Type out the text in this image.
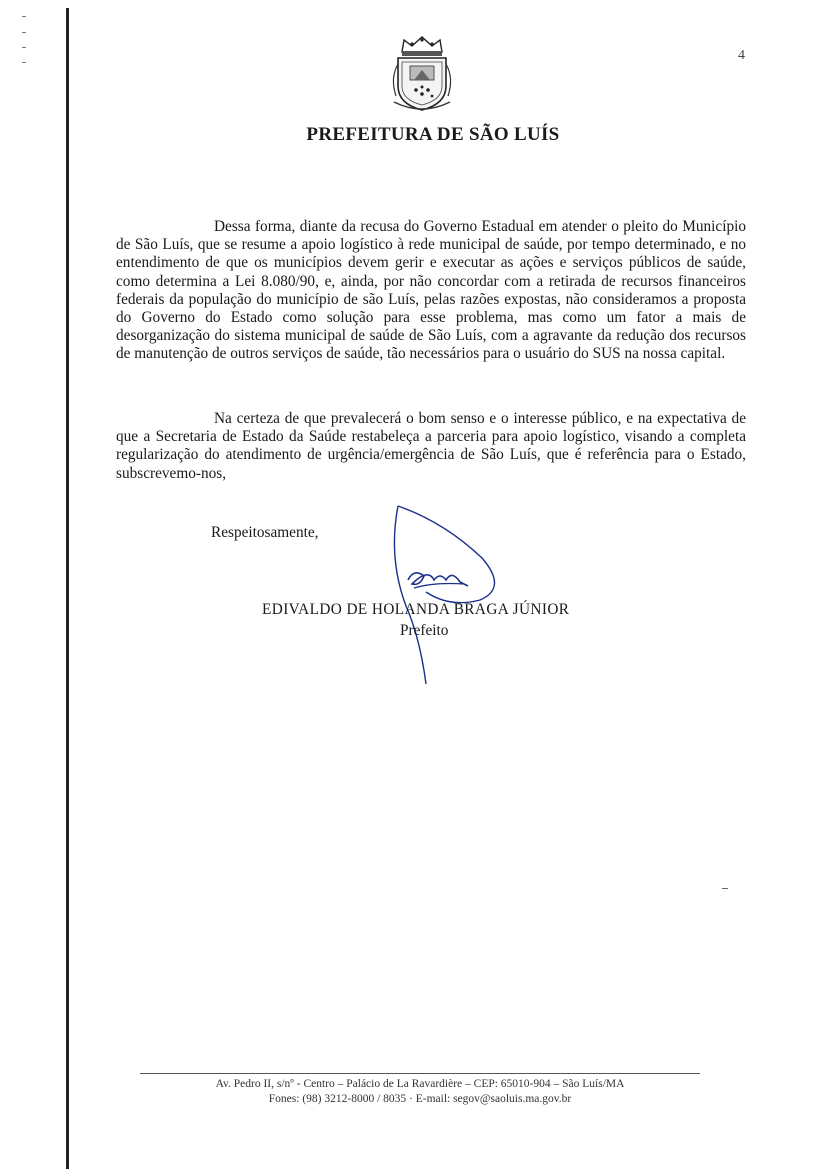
4
PREFEITURA DE SÃO LUÍS

Dessa forma, diante da recusa do Governo Estadual em atender o pleito do Município de São Luís, que se resume a apoio logístico à rede municipal de saúde, por tempo determinado, e no entendimento de que os municípios devem gerir e executar as ações e serviços públicos de saúde, como determina a Lei 8.080/90, e, ainda, por não concordar com a retirada de recursos financeiros federais da população do município de são Luís, pelas razões expostas, não consideramos a proposta do Governo do Estado como solução para esse problema, mas como um fator a mais de desorganização do sistema municipal de saúde de São Luís, com a agravante da redução dos recursos de manutenção de outros serviços de saúde, tão necessários para o usuário do SUS na nossa capital.

Na certeza de que prevalecerá o bom senso e o interesse público, e na expectativa de que a Secretaria de Estado da Saúde restabeleça a parceria para apoio logístico, visando a completa regularização do atendimento de urgência/emergência de São Luís, que é referência para o Estado, subscrevemo-nos,

Respeitosamente,
EDIVALDO DE HOLANDA BRAGA JÚNIOR
Prefeito
Av. Pedro II, s/nº - Centro – Palácio de La Ravardière – CEP: 65010-904 – São Luís/MA
Fones: (98) 3212-8000 / 8035 · E-mail: segov@saoluis.ma.gov.br
